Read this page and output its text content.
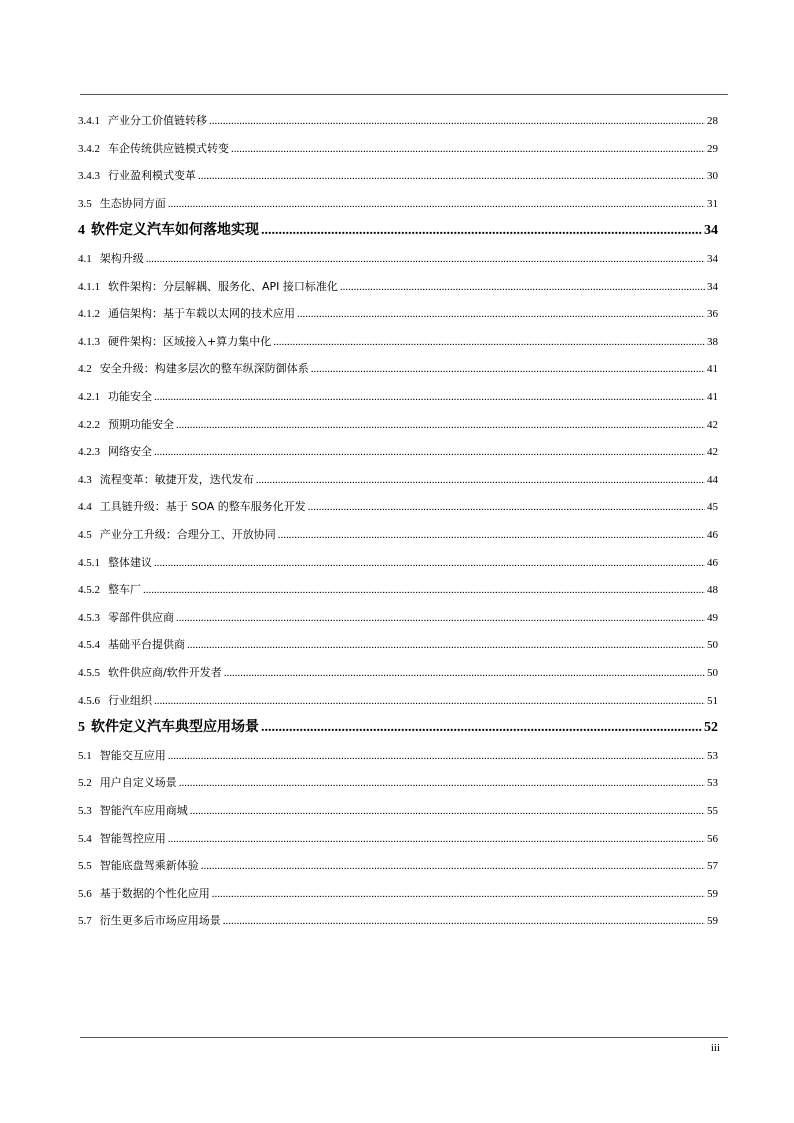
3.4.1 产业分工价值链转移 .....	28
3.4.2 车企传统供应链模式转变 .....	29
3.4.3 行业盈利模式变革 .....	30
3.5 生态协同方面 .....	31
4 软件定义汽车如何落地实现 .....	34
4.1 架构升级 .....	34
4.1.1 软件架构：分层解耦、服务化、API 接口标准化 .....	34
4.1.2 通信架构：基于车载以太网的技术应用 .....	36
4.1.3 硬件架构：区域接入+算力集中化 .....	38
4.2 安全升级：构建多层次的整车纵深防御体系 .....	41
4.2.1 功能安全 .....	41
4.2.2 预期功能安全 .....	42
4.2.3 网络安全 .....	42
4.3 流程变革：敏捷开发，迭代发布 .....	44
4.4 工具链升级：基于 SOA 的整车服务化开发 .....	45
4.5 产业分工升级：合理分工、开放协同 .....	46
4.5.1 整体建议 .....	46
4.5.2 整车厂 .....	48
4.5.3 零部件供应商 .....	49
4.5.4 基础平台提供商 .....	50
4.5.5 软件供应商/软件开发者 .....	50
4.5.6 行业组织 .....	51
5 软件定义汽车典型应用场景 .....	52
5.1 智能交互应用 .....	53
5.2 用户自定义场景 .....	53
5.3 智能汽车应用商城 .....	55
5.4 智能驾控应用 .....	56
5.5 智能底盘驾乘新体验 .....	57
5.6 基于数据的个性化应用 .....	59
5.7 衍生更多后市场应用场景 .....	59
iii
